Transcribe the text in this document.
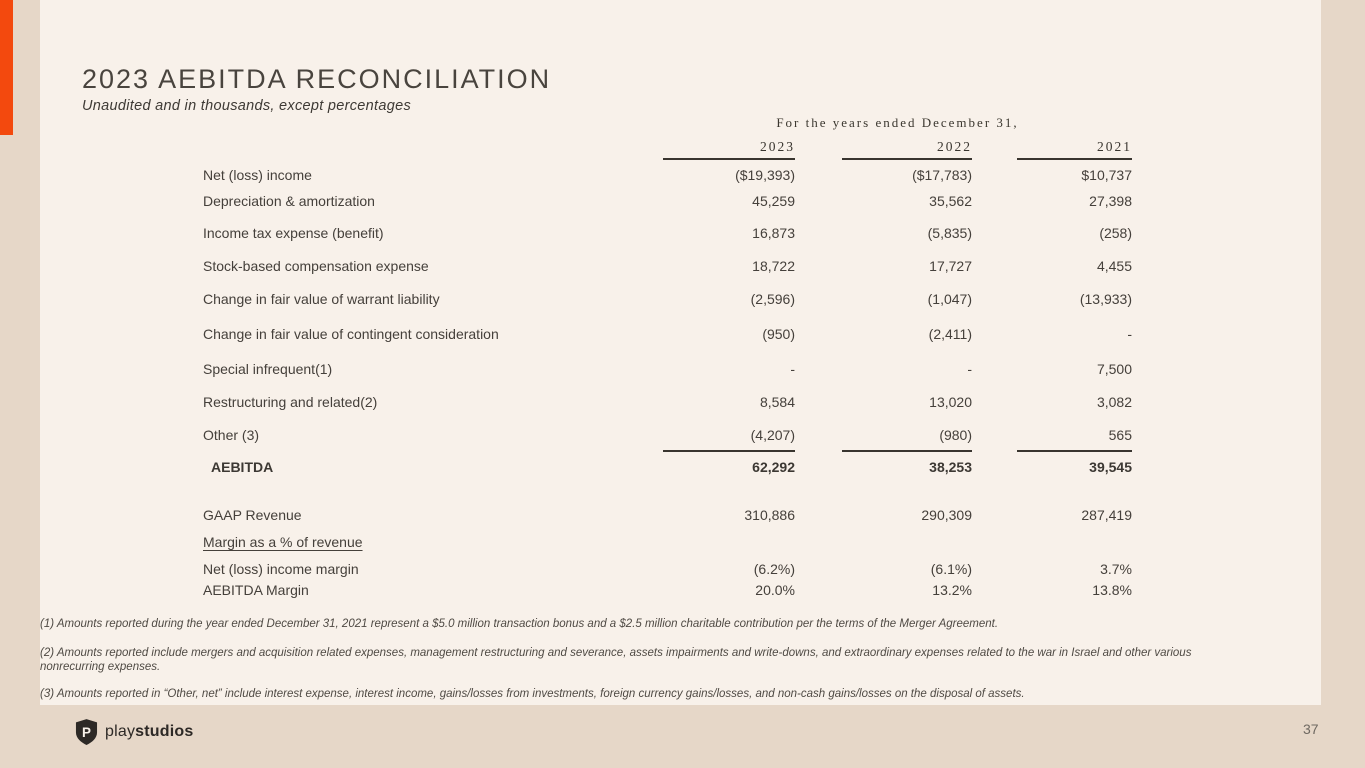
2023 AEBITDA RECONCILIATION
Unaudited and in thousands, except percentages
For the years ended December 31,
2023	2022	2021
Net (loss) income	($19,393)	($17,783)	$10,737
Depreciation & amortization	45,259	35,562	27,398
Income tax expense (benefit)	16,873	(5,835)	(258)
Stock-based compensation expense	18,722	17,727	4,455
Change in fair value of warrant liability	(2,596)	(1,047)	(13,933)
Change in fair value of contingent consideration	(950)	(2,411)	-
Special infrequent(1)	-	-	7,500
Restructuring and related(2)	8,584	13,020	3,082
Other (3)	(4,207)	(980)	565
AEBITDA	62,292	38,253	39,545
GAAP Revenue	310,886	290,309	287,419
Margin as a % of revenue
Net (loss) income margin	(6.2%)	(6.1%)	3.7%
AEBITDA Margin	20.0%	13.2%	13.8%
(1) Amounts reported during the year ended December 31, 2021 represent a $5.0 million transaction bonus and a $2.5 million charitable contribution per the terms of the Merger Agreement.
(2) Amounts reported include mergers and acquisition related expenses, management restructuring and severance, assets impairments and write-downs, and extraordinary expenses related to the war in Israel and other various nonrecurring expenses.
(3) Amounts reported in “Other, net” include interest expense, interest income, gains/losses from investments, foreign currency gains/losses, and non-cash gains/losses on the disposal of assets.
P playstudios	37
